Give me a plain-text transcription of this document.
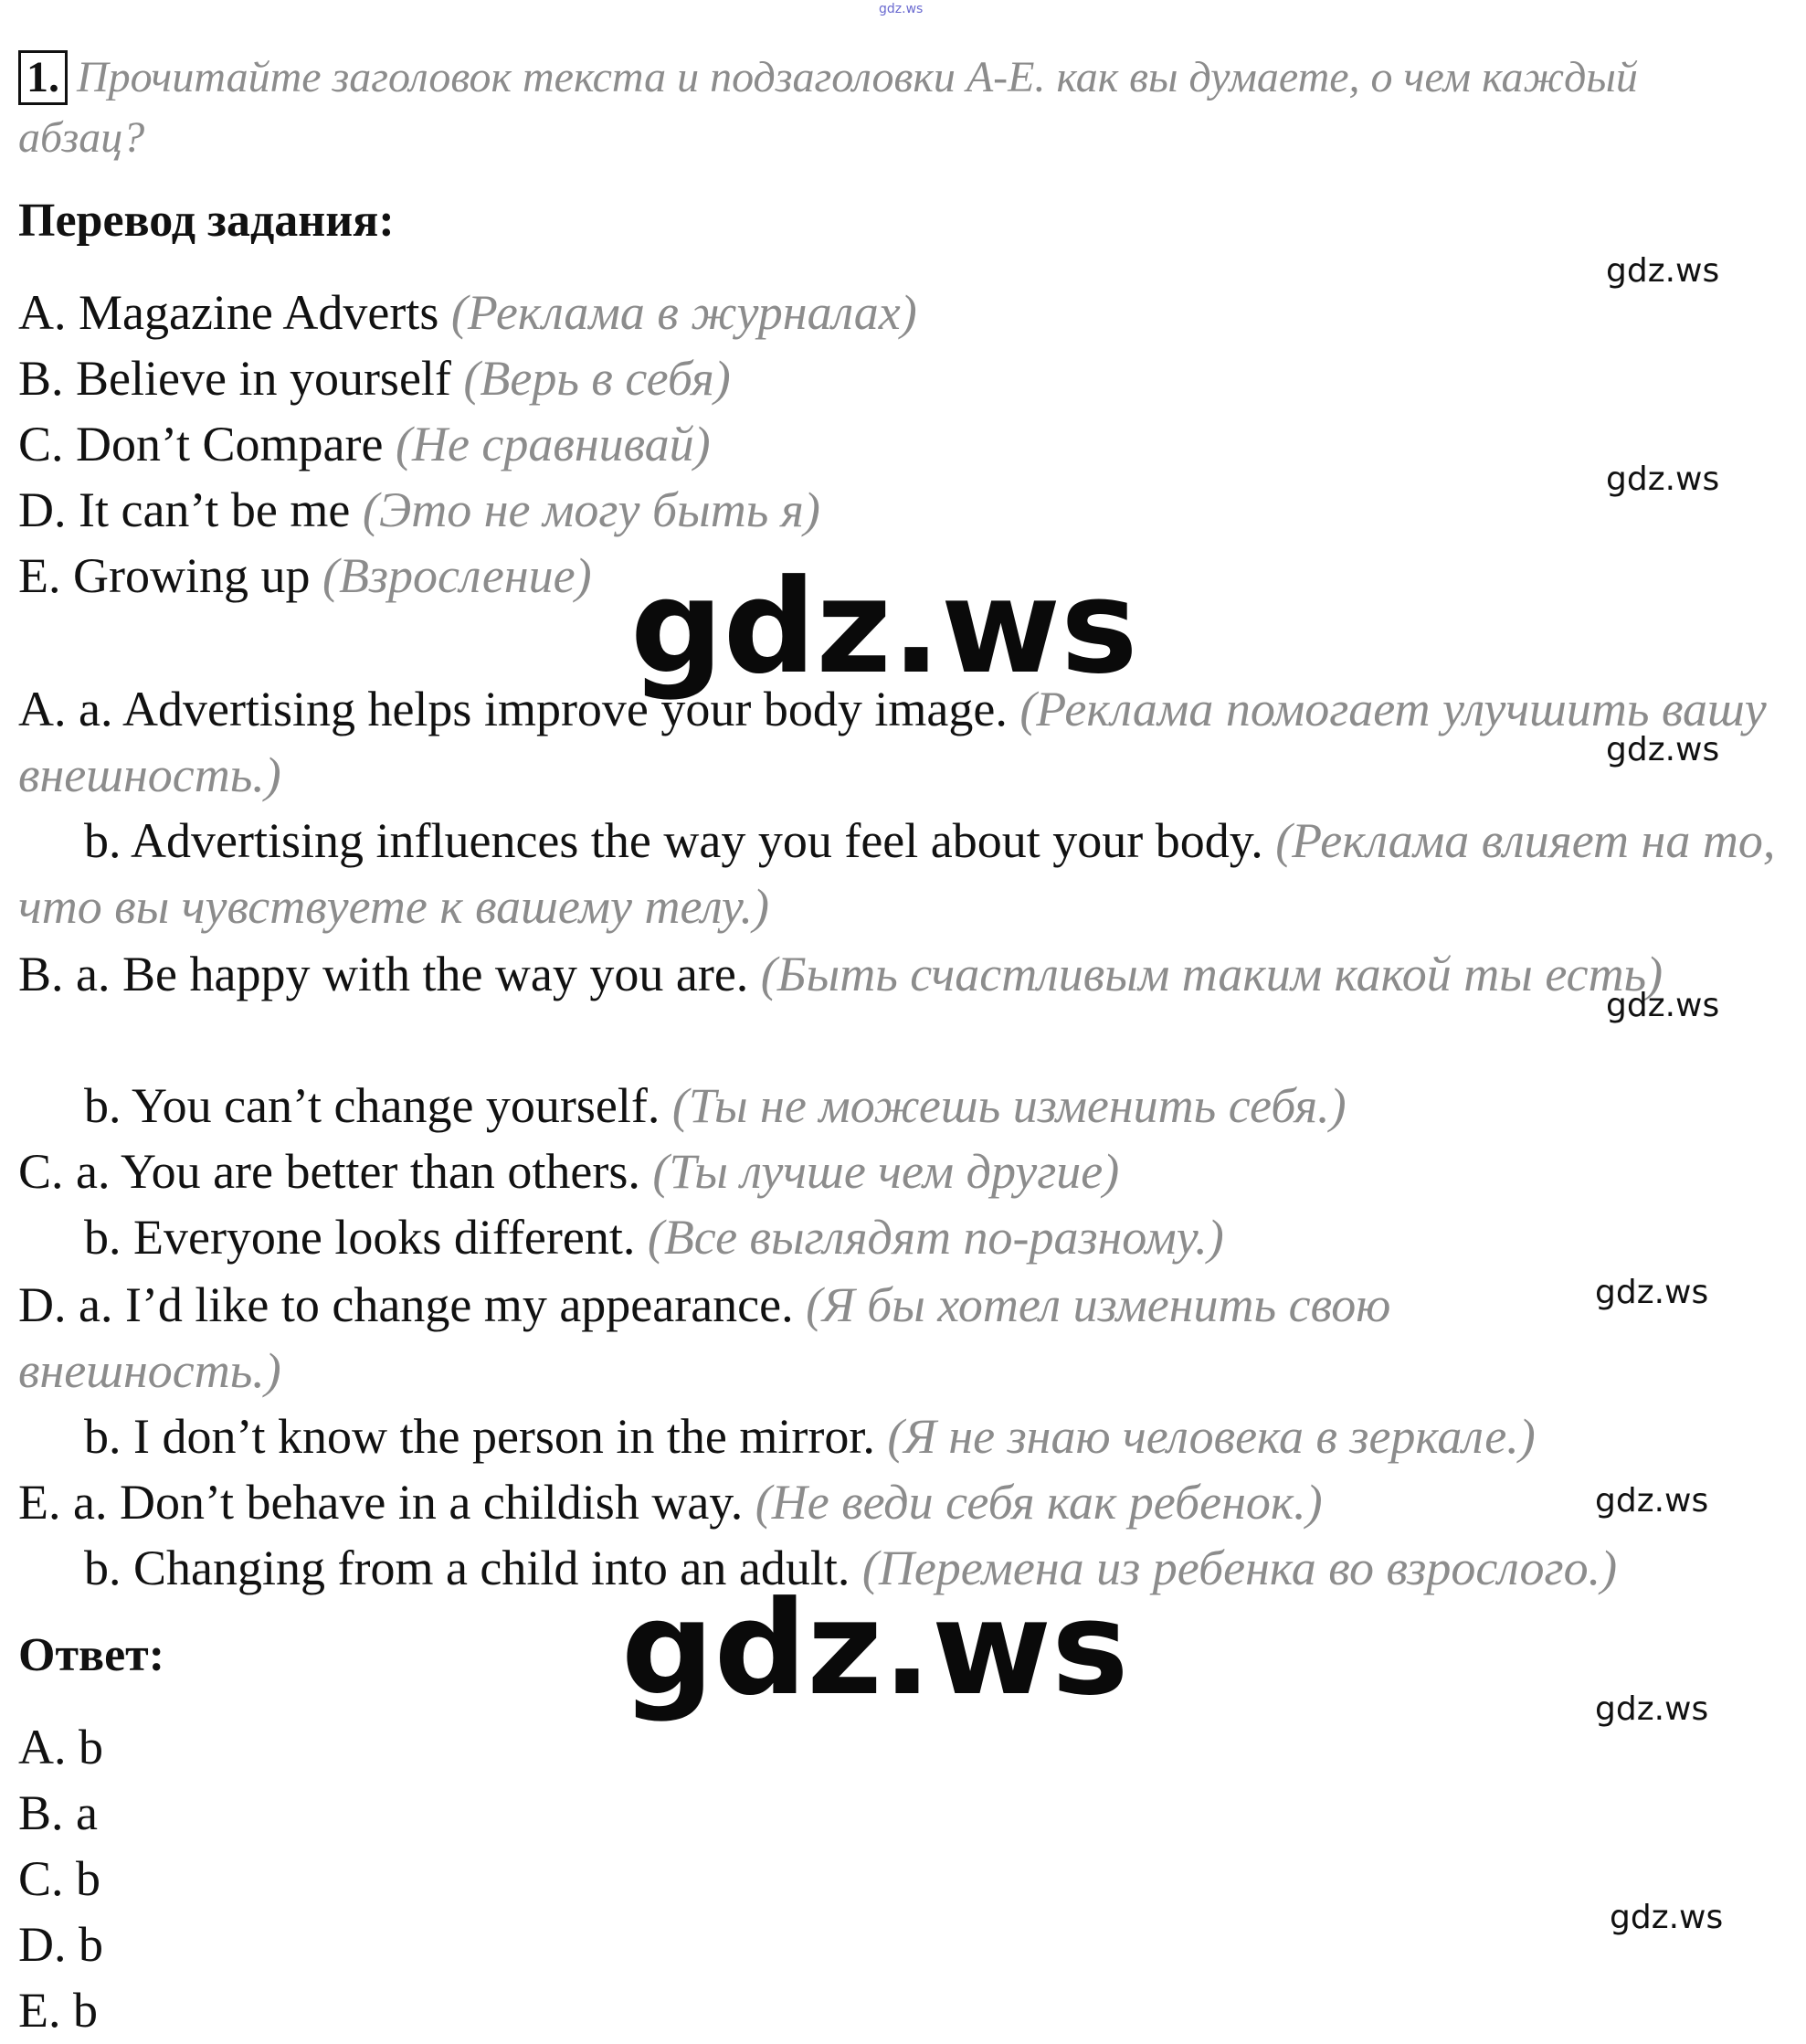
gdz.ws
1. Прочитайте заголовок текста и подзаголовки А-Е. как вы думаете, о чем каждый абзац?
Перевод задания:
A. Magazine Adverts (Реклама в журналах)
B. Believe in yourself (Верь в себя)
C. Don’t Compare (Не сравнивай)
D. It can’t be me (Это не могу быть я)
E. Growing up (Взросление)
A. a. Advertising helps improve your body image. (Реклама помогает улучшить вашу внешность.)
b. Advertising influences the way you feel about your body. (Реклама влияет на то, что вы чувствуете к вашему телу.)
B. a. Be happy with the way you are. (Быть счастливым таким какой ты есть)
b. You can’t change yourself. (Ты не можешь изменить себя.)
C. a. You are better than others. (Ты лучше чем другие)
b. Everyone looks different. (Все выглядят по-разному.)
D. a. I’d like to change my appearance. (Я бы хотел изменить свою внешность.)
b. I don’t know the person in the mirror. (Я не знаю человека в зеркале.)
E. a. Don’t behave in a childish way. (Не веди себя как ребенок.)
b. Changing from a child into an adult. (Перемена из ребенка во взрослого.)
Ответ:
A. b
B. a
C. b
D. b
E. b
gdz.ws
gdz.ws
gdz.ws
gdz.ws
gdz.ws
gdz.ws
gdz.ws
gdz.ws
gdz.ws
gdz.ws
